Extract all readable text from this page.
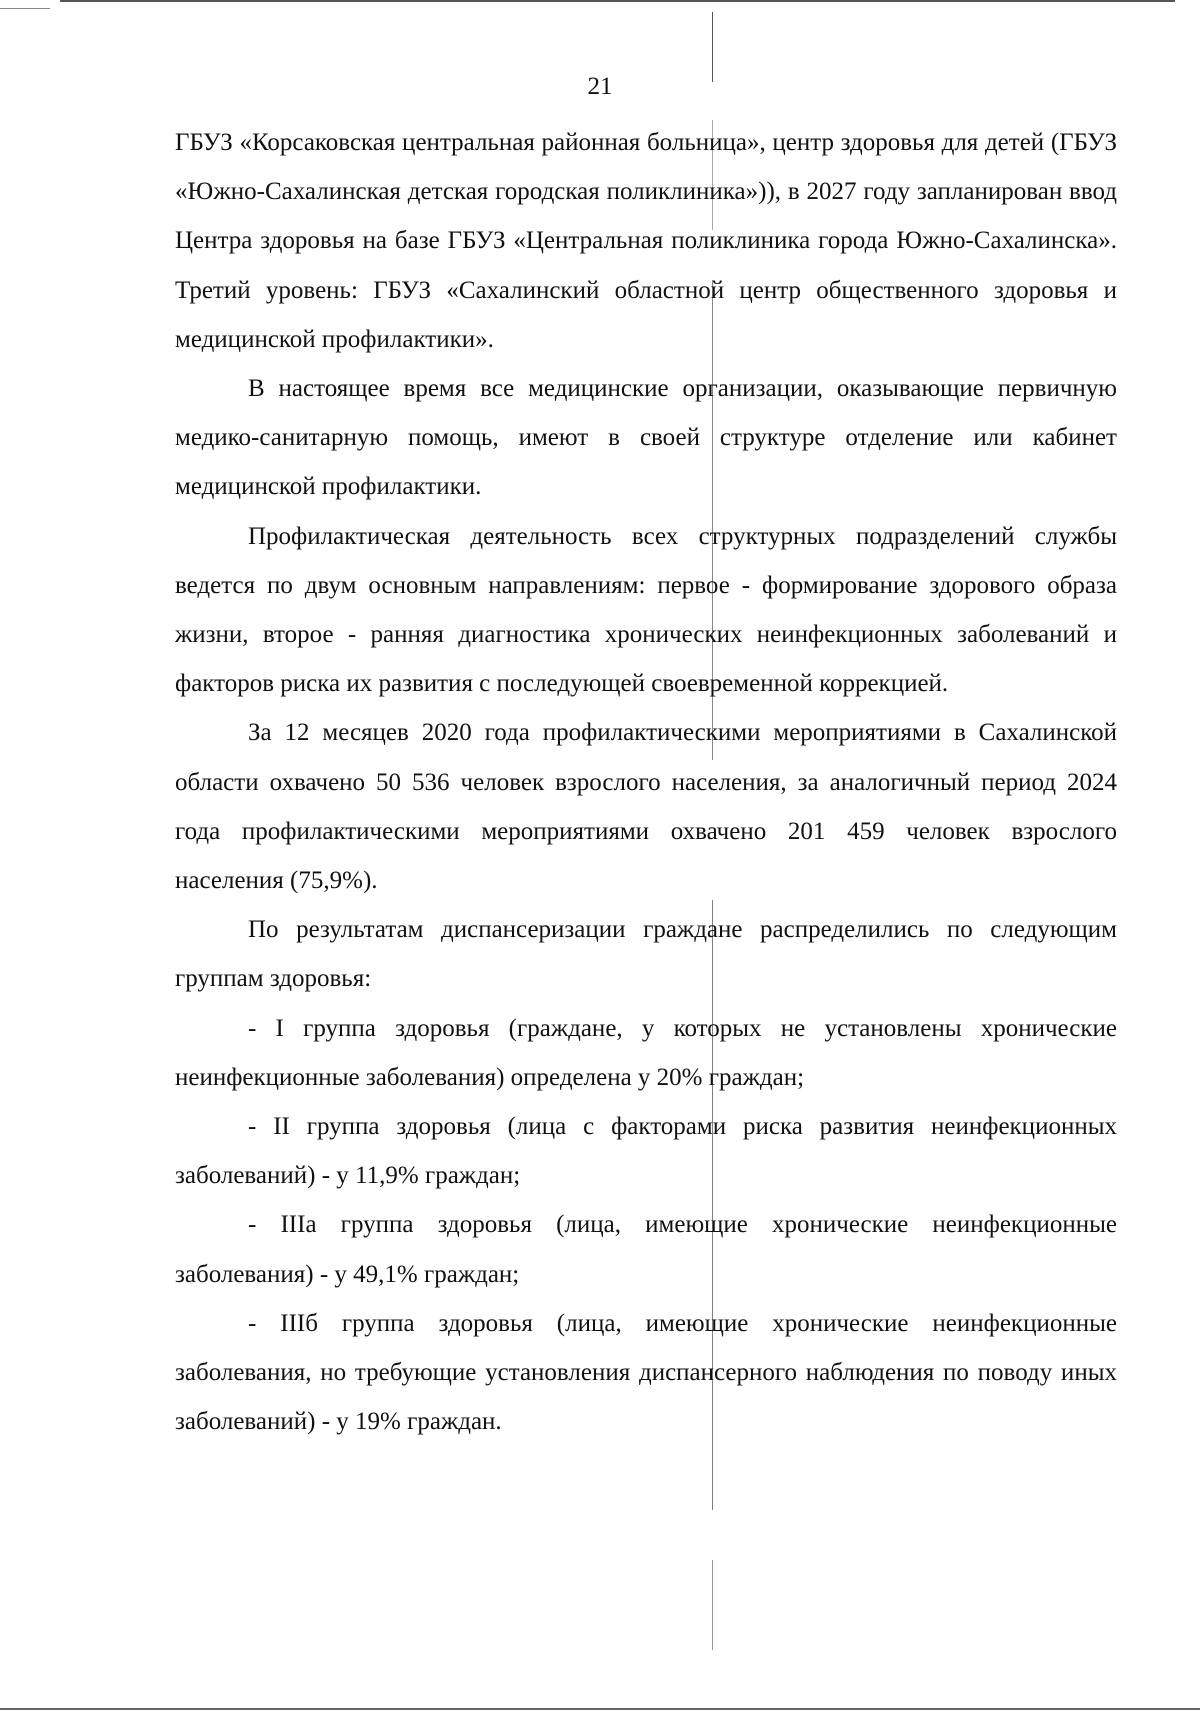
21

ГБУЗ «Корсаковская центральная районная больница», центр здоровья для детей (ГБУЗ «Южно-Сахалинская детская городская поликлиника»)), в 2027 году запланирован ввод Центра здоровья на базе ГБУЗ «Центральная поликлиника города Южно-Сахалинска». Третий уровень: ГБУЗ «Сахалинский областной центр общественного здоровья и медицинской профилактики».

В настоящее время все медицинские организации, оказывающие первичную медико-санитарную помощь, имеют в своей структуре отделение или кабинет медицинской профилактики.

Профилактическая деятельность всех структурных подразделений службы ведется по двум основным направлениям: первое - формирование здорового образа жизни, второе - ранняя диагностика хронических неинфекционных заболеваний и факторов риска их развития с последующей своевременной коррекцией.

За 12 месяцев 2020 года профилактическими мероприятиями в Сахалинской области охвачено 50 536 человек взрослого населения, за аналогичный период 2024 года профилактическими мероприятиями охвачено 201 459 человек взрослого населения (75,9%).

По результатам диспансеризации граждане распределились по следующим группам здоровья:

- I группа здоровья (граждане, у которых не установлены хронические неинфекционные заболевания) определена у 20% граждан;

- II группа здоровья (лица с факторами риска развития неинфекционных заболеваний) - у 11,9% граждан;

- IIIа группа здоровья (лица, имеющие хронические неинфекционные заболевания) - у 49,1% граждан;

- IIIб группа здоровья (лица, имеющие хронические неинфекционные заболевания, но требующие установления диспансерного наблюдения по поводу иных заболеваний) - у 19% граждан.
